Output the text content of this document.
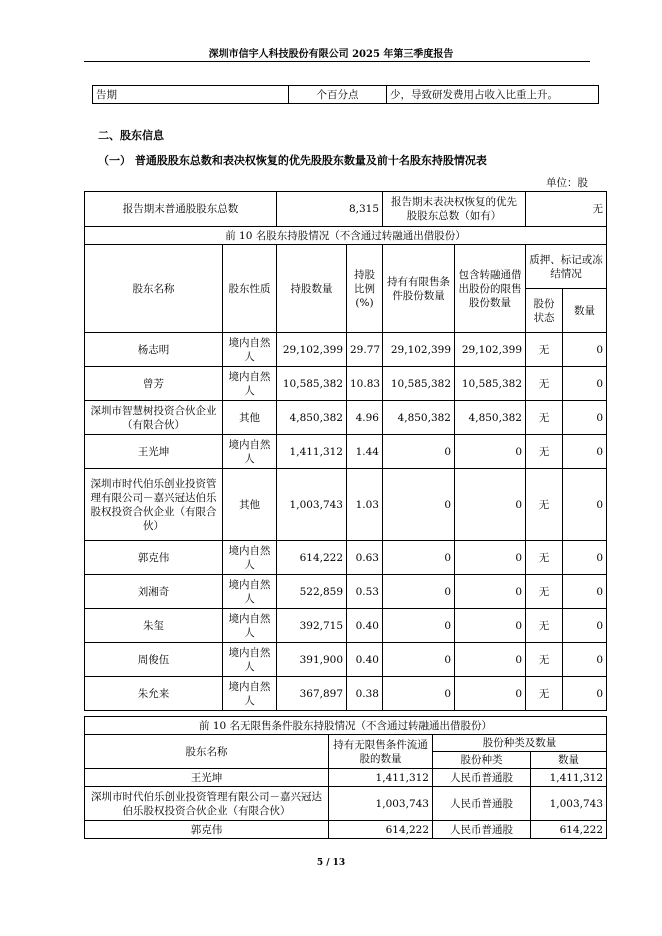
深圳市信宇人科技股份有限公司 2025 年第三季度报告
告期	个百分点	少，导致研发费用占收入比重上升。
二、股东信息
（一） 普通股股东总数和表决权恢复的优先股股东数量及前十名股东持股情况表
单位：股
报告期末普通股股东总数		8,315		报告期末表决权恢复的优先股股东总数（如有）		无	
前 10 名股东持股情况（不含通过转融通出借股份）							
股东名称	股东性质	持股数量	持股比例(%)	持有有限售条件股份数量	包含转融通借出股份的限售股份数量	质押、标记或冻结情况	
						股份状态	数量
杨志明	境内自然人	29,102,399	29.77	29,102,399	29,102,399	无	0
曾芳	境内自然人	10,585,382	10.83	10,585,382	10,585,382	无	0
深圳市智慧树投资合伙企业（有限合伙）	其他	4,850,382	4.96	4,850,382	4,850,382	无	0
王光坤	境内自然人	1,411,312	1.44	0	0	无	0
深圳市时代伯乐创业投资管理有限公司－嘉兴冠达伯乐股权投资合伙企业（有限合伙）	其他	1,003,743	1.03	0	0	无	0
郭克伟	境内自然人	614,222	0.63	0	0	无	0
刘湘奇	境内自然人	522,859	0.53	0	0	无	0
朱玺	境内自然人	392,715	0.40	0	0	无	0
周俊伍	境内自然人	391,900	0.40	0	0	无	0
朱允来	境内自然人	367,897	0.38	0	0	无	0
前 10 名无限售条件股东持股情况（不含通过转融通出借股份）			
股东名称	持有无限售条件流通股的数量	股份种类及数量	
		股份种类	数量
王光坤	1,411,312	人民币普通股	1,411,312
深圳市时代伯乐创业投资管理有限公司－嘉兴冠达伯乐股权投资合伙企业（有限合伙）	1,003,743	人民币普通股	1,003,743
郭克伟	614,222	人民币普通股	614,222
5 / 13
